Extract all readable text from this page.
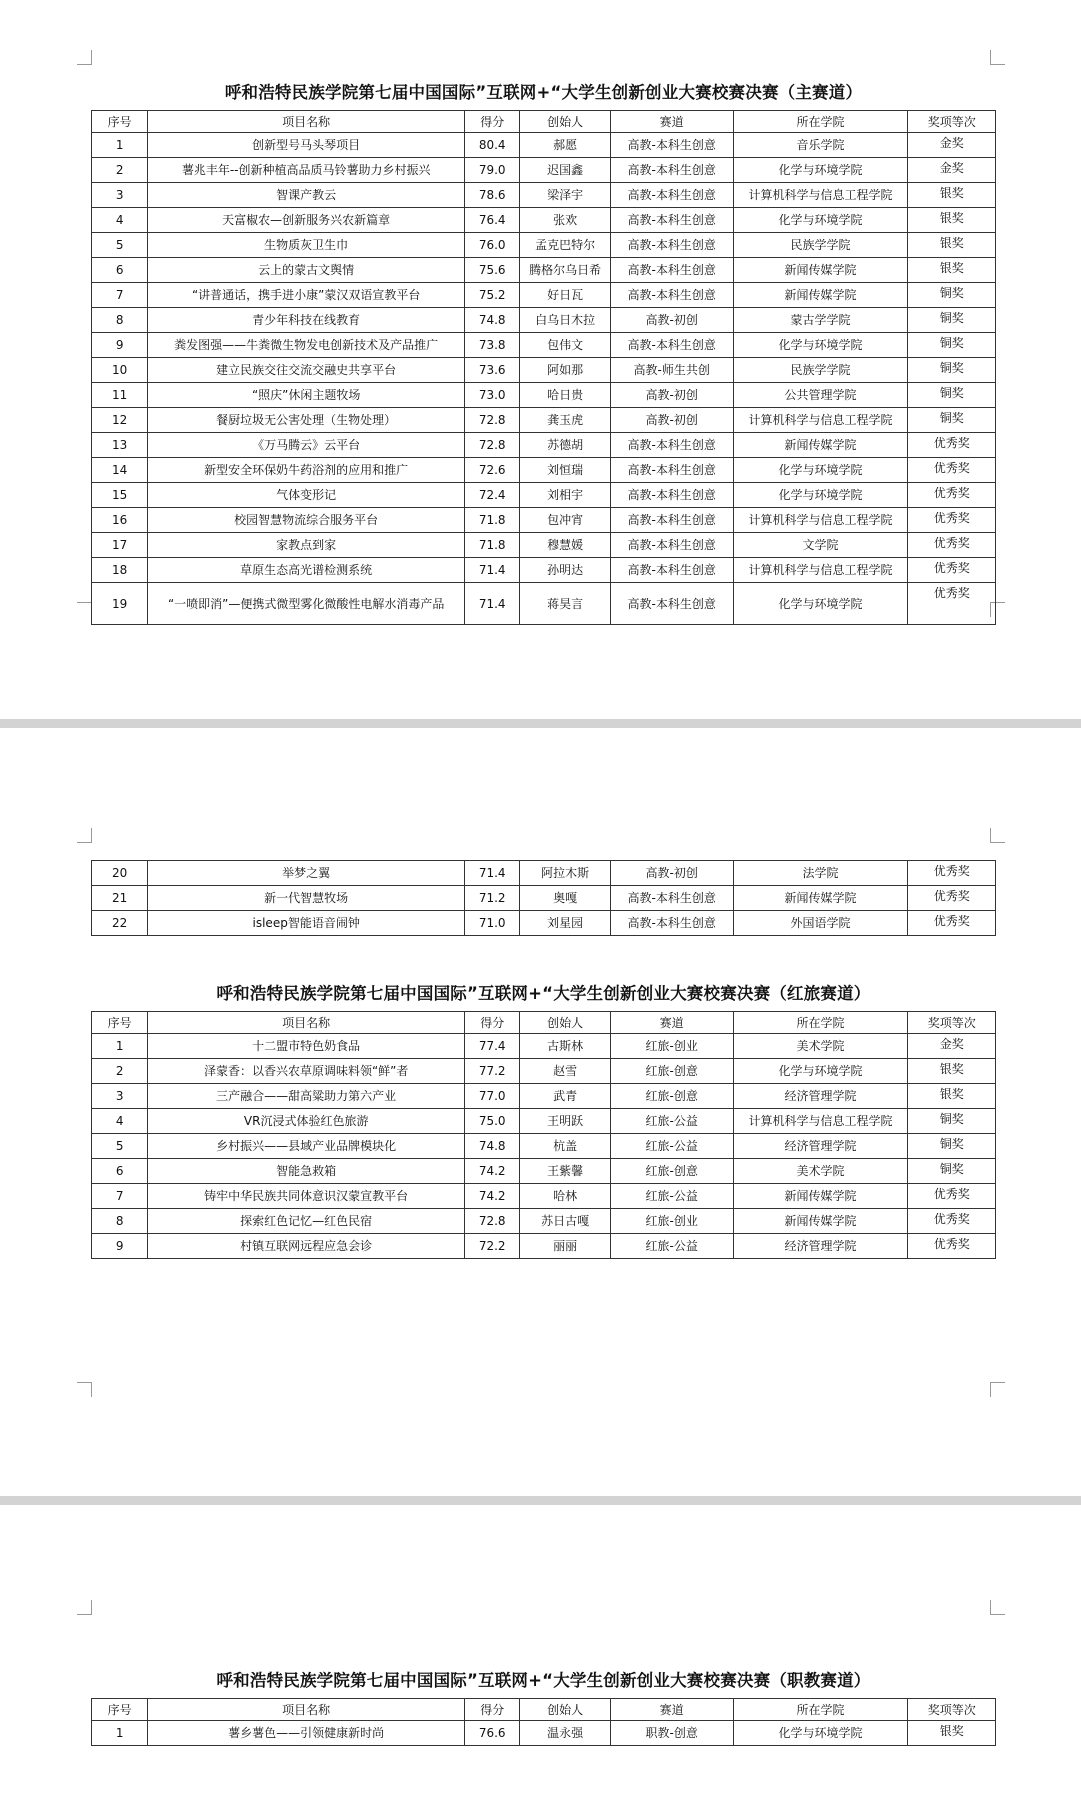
呼和浩特民族学院第七届中国国际”互联网+“大学生创新创业大赛校赛决赛（主赛道）
序号	项目名称	得分	创始人	赛道	所在学院	奖项等次
1	创新型号马头琴项目	80.4	郝愿	高教-本科生创意	音乐学院	金奖
2	薯兆丰年--创新种植高品质马铃薯助力乡村振兴	79.0	迟国鑫	高教-本科生创意	化学与环境学院	金奖
3	智课产教云	78.6	梁泽宇	高教-本科生创意	计算机科学与信息工程学院	银奖
4	天富椒农—创新服务兴农新篇章	76.4	张欢	高教-本科生创意	化学与环境学院	银奖
5	生物质灰卫生巾	76.0	孟克巴特尔	高教-本科生创意	民族学学院	银奖
6	云上的蒙古文舆情	75.6	腾格尔乌日希	高教-本科生创意	新闻传媒学院	银奖
7	“讲普通话，携手进小康”蒙汉双语宣教平台	75.2	好日瓦	高教-本科生创意	新闻传媒学院	铜奖
8	青少年科技在线教育	74.8	白乌日木拉	高教-初创	蒙古学学院	铜奖
9	粪发图强——牛粪微生物发电创新技术及产品推广	73.8	包伟文	高教-本科生创意	化学与环境学院	铜奖
10	建立民族交往交流交融史共享平台	73.6	阿如那	高教-师生共创	民族学学院	铜奖
11	“照庆”休闲主题牧场	73.0	哈日贵	高教-初创	公共管理学院	铜奖
12	餐厨垃圾无公害处理（生物处理）	72.8	龚玉虎	高教-初创	计算机科学与信息工程学院	铜奖
13	《万马腾云》云平台	72.8	苏德胡	高教-本科生创意	新闻传媒学院	优秀奖
14	新型安全环保奶牛药浴剂的应用和推广	72.6	刘恒瑞	高教-本科生创意	化学与环境学院	优秀奖
15	气体变形记	72.4	刘相宇	高教-本科生创意	化学与环境学院	优秀奖
16	校园智慧物流综合服务平台	71.8	包冲宵	高教-本科生创意	计算机科学与信息工程学院	优秀奖
17	家教点到家	71.8	穆慧媛	高教-本科生创意	文学院	优秀奖
18	草原生态高光谱检测系统	71.4	孙明达	高教-本科生创意	计算机科学与信息工程学院	优秀奖
19	“一喷即消”—便携式微型雾化微酸性电解水消毒产品	71.4	蒋昊言	高教-本科生创意	化学与环境学院	优秀奖
20	举梦之翼	71.4	阿拉木斯	高教-初创	法学院	优秀奖
21	新一代智慧牧场	71.2	奥嘎	高教-本科生创意	新闻传媒学院	优秀奖
22	isleep智能语音闹钟	71.0	刘星园	高教-本科生创意	外国语学院	优秀奖
呼和浩特民族学院第七届中国国际”互联网+“大学生创新创业大赛校赛决赛（红旅赛道）
序号	项目名称	得分	创始人	赛道	所在学院	奖项等次
1	十二盟市特色奶食品	77.4	古斯林	红旅-创业	美术学院	金奖
2	泽蒙香：以香兴农草原调味料领“鲜”者	77.2	赵雪	红旅-创意	化学与环境学院	银奖
3	三产融合——甜高粱助力第六产业	77.0	武青	红旅-创意	经济管理学院	银奖
4	VR沉浸式体验红色旅游	75.0	王明跃	红旅-公益	计算机科学与信息工程学院	铜奖
5	乡村振兴——县域产业品牌模块化	74.8	杭盖	红旅-公益	经济管理学院	铜奖
6	智能急救箱	74.2	王紫馨	红旅-创意	美术学院	铜奖
7	铸牢中华民族共同体意识汉蒙宣教平台	74.2	哈林	红旅-公益	新闻传媒学院	优秀奖
8	探索红色记忆—红色民宿	72.8	苏日古嘎	红旅-创业	新闻传媒学院	优秀奖
9	村镇互联网远程应急会诊	72.2	丽丽	红旅-公益	经济管理学院	优秀奖
呼和浩特民族学院第七届中国国际”互联网+“大学生创新创业大赛校赛决赛（职教赛道）
序号	项目名称	得分	创始人	赛道	所在学院	奖项等次
1	薯乡薯色——引领健康新时尚	76.6	温永强	职教-创意	化学与环境学院	银奖
